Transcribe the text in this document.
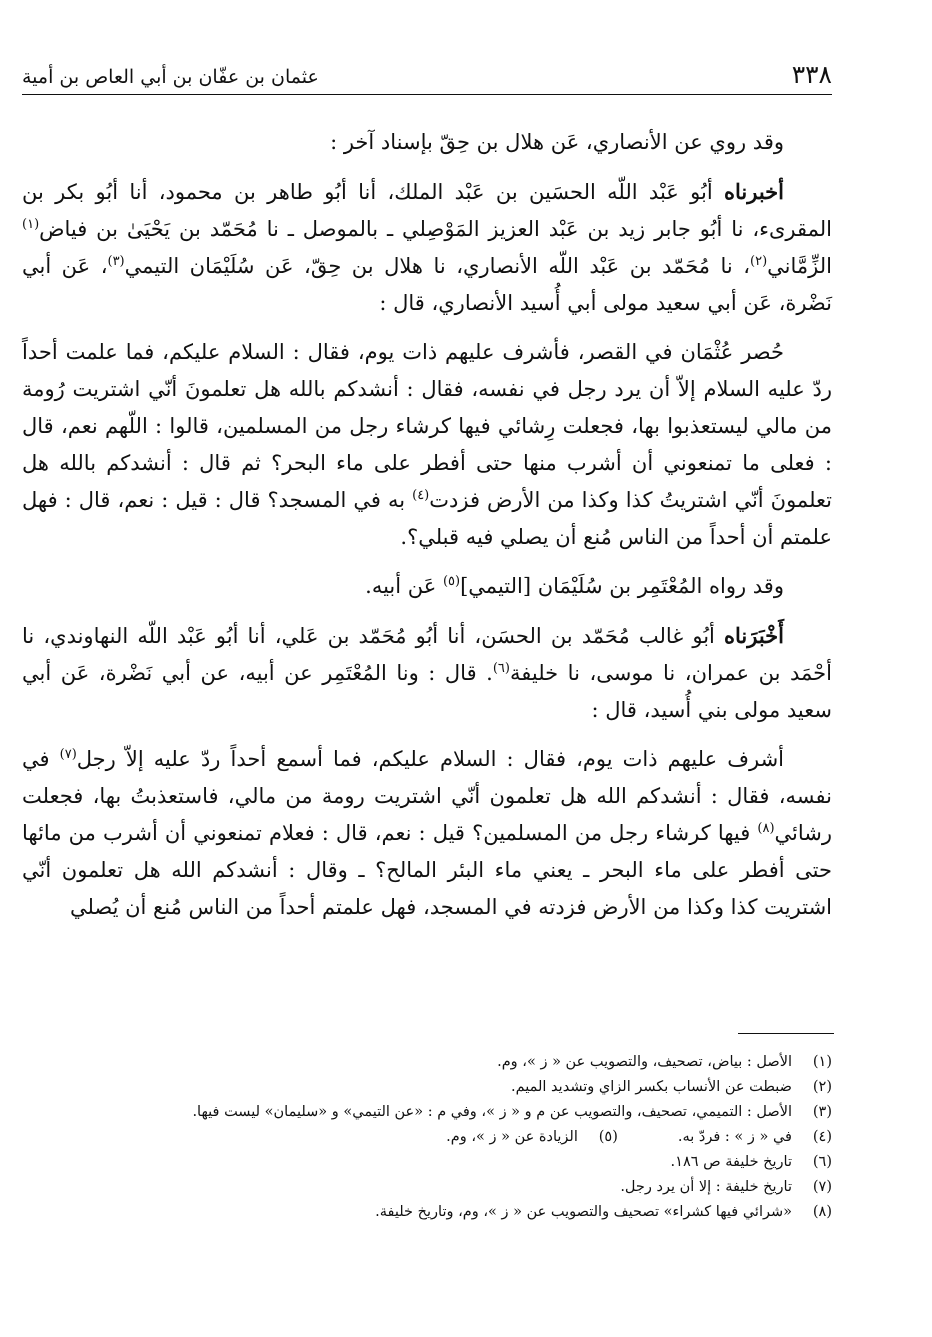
٣٣٨
عثمان بن عفّان بن أبي العاص بن أمية

وقد روي عن الأنصاري، عَن هلال بن حِقّ بإسناد آخر :

أخبرناه أبُو عَبْد اللّه الحسَين بن عَبْد الملك، أنا أبُو طاهر بن محمود، أنا أبُو بكر بن المقرىء، نا أبُو جابر زيد بن عَبْد العزيز المَوْصِلي ـ بالموصل ـ نا مُحَمّد بن يَحْيَىٰ بن فياض$^{(١)}$ الزِّمَّاني$^{(٢)}$، نا مُحَمّد بن عَبْد اللّه الأنصاري، نا هلال بن حِقّ، عَن سُلَيْمَان التيمي$^{(٣)}$، عَن أبي نَضْرة، عَن أبي سعيد مولى أبي أُسيد الأنصاري، قال :

حُصر عُثْمَان في القصر، فأشرف عليهم ذات يوم، فقال : السلام عليكم، فما علمت أحداً ردّ عليه السلام إلاّ أن يرد رجل في نفسه، فقال : أنشدكم بالله هل تعلمونَ أنّي اشتريت رُومة من مالي ليستعذبوا بها، فجعلت رِشائي فيها كرشاء رجل من المسلمين، قالوا : اللّهم نعم، قال : فعلى ما تمنعوني أن أشرب منها حتى أفطر على ماء البحر؟ ثم قال : أنشدكم بالله هل تعلمونَ أنّي اشتريتُ كذا وكذا من الأرض فزدت$^{(٤)}$ به في المسجد؟ قال : قيل : نعم، قال : فهل علمتم أن أحداً من الناس مُنع أن يصلي فيه قبلي؟.

وقد رواه المُعْتَمِر بن سُلَيْمَان [التيمي]$^{(٥)}$ عَن أبيه.

أَخْبَرَناه أبُو غالب مُحَمّد بن الحسَن، أنا أبُو مُحَمّد بن عَلي، أنا أبُو عَبْد اللّه النهاوندي، نا أحْمَد بن عمران، نا موسى، نا خليفة$^{(٦)}$. قال : ونا المُعْتَمِر عن أبيه، عن أبي نَضْرة، عَن أبي سعيد مولى بني أُسيد، قال :

أشرف عليهم ذات يوم، فقال : السلام عليكم، فما أسمع أحداً ردّ عليه إلاّ رجل$^{(٧)}$ في نفسه، فقال : أنشدكم الله هل تعلمون أنّي اشتريت رومة من مالي، فاستعذبتُ بها، فجعلت رشائي$^{(٨)}$ فيها كرشاء رجل من المسلمين؟ قيل : نعم، قال : فعلام تمنعوني أن أشرب من مائها حتى أفطر على ماء البحر ـ يعني ماء البئر المالح؟ ـ وقال : أنشدكم الله هل تعلمون أنّي اشتريت كذا وكذا من الأرض فزدته في المسجد، فهل علمتم أحداً من الناس مُنع أن يُصلي

(١)الأصل : بياض، تصحيف، والتصويب عن « ز »، وم.
(٢)ضبطت عن الأنساب بكسر الزاي وتشديد الميم.
(٣)الأصل : التميمي، تصحيف، والتصويب عن م و « ز »، وفي م : «عن التيمي» و «سليمان» ليست فيها.
(٤)في « ز » : فردّ به.(٥)الزيادة عن « ز »، وم.
(٦)تاريخ خليفة ص ١٨٦.
(٧)تاريخ خليفة : إلا أن يرد رجل.
(٨)«شرائي فيها كشراء» تصحيف والتصويب عن « ز »، وم، وتاريخ خليفة.
